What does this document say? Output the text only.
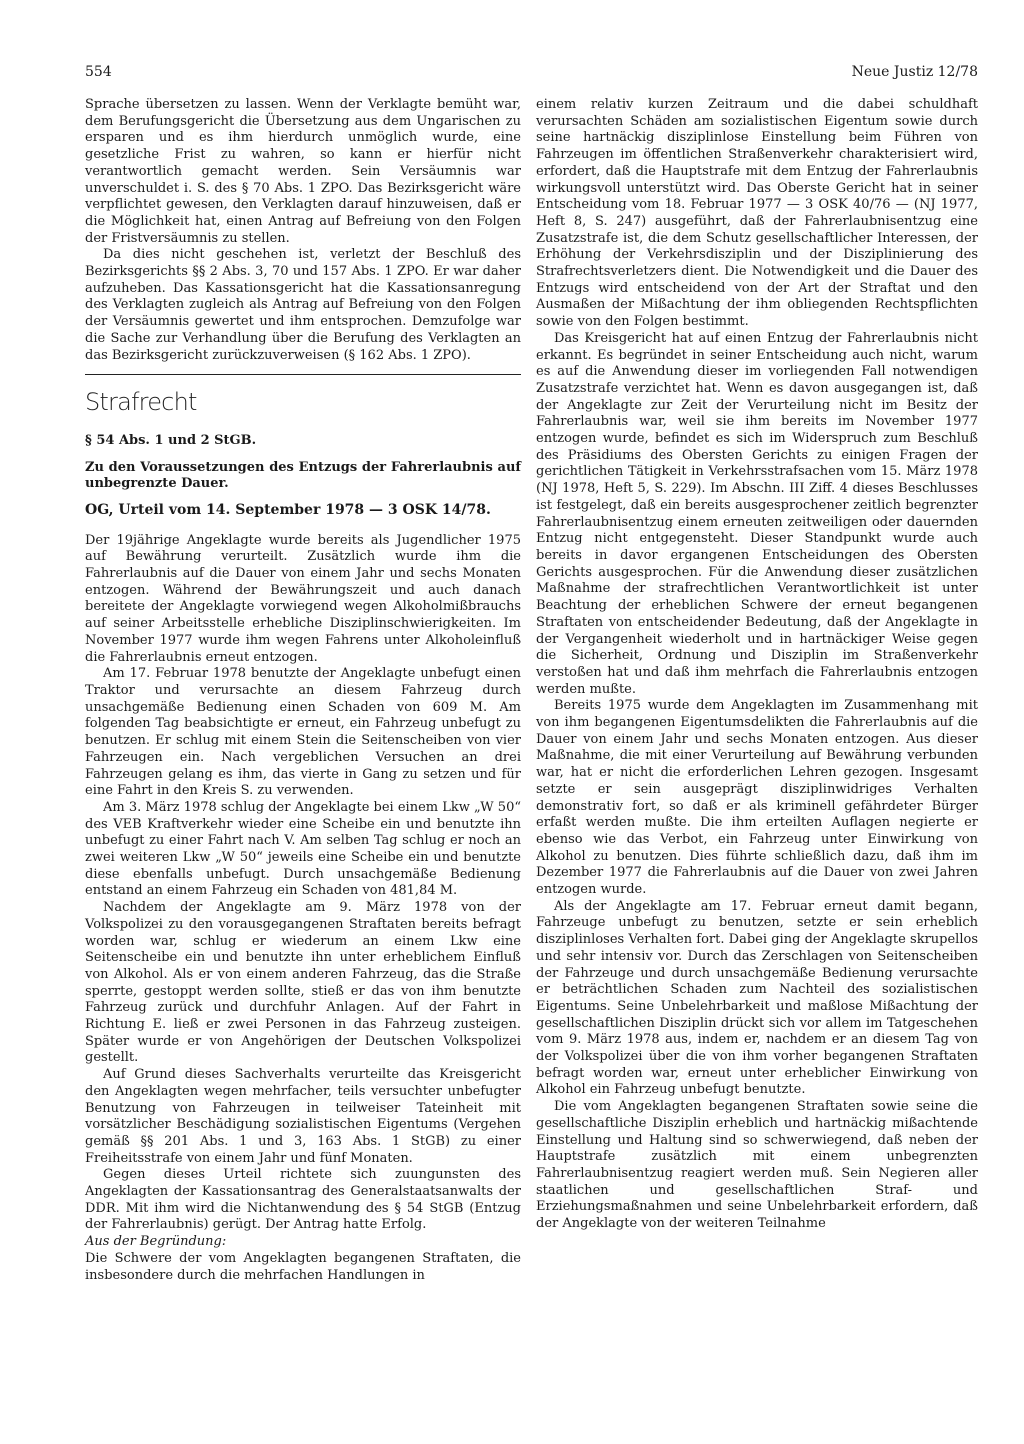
554	Neue Justiz 12/78

Sprache übersetzen zu lassen. Wenn der Verklagte bemüht war, dem Berufungsgericht die Übersetzung aus dem Ungarischen zu ersparen und es ihm hierdurch unmöglich wurde, eine gesetzliche Frist zu wahren, so kann er hierfür nicht verantwortlich gemacht werden. Sein Versäumnis war unverschuldet i. S. des § 70 Abs. 1 ZPO. Das Bezirksgericht wäre verpflichtet gewesen, den Verklagten darauf hinzuweisen, daß er die Möglichkeit hat, einen Antrag auf Befreiung von den Folgen der Fristversäumnis zu stellen.

Da dies nicht geschehen ist, verletzt der Beschluß des Bezirksgerichts §§ 2 Abs. 3, 70 und 157 Abs. 1 ZPO. Er war daher aufzuheben. Das Kassationsgericht hat die Kassationsanregung des Verklagten zugleich als Antrag auf Befreiung von den Folgen der Versäumnis gewertet und ihm entsprochen. Demzufolge war die Sache zur Verhandlung über die Berufung des Verklagten an das Bezirksgericht zurückzuverweisen (§ 162 Abs. 1 ZPO).

Strafrecht
§ 54 Abs. 1 und 2 StGB.
Zu den Voraussetzungen des Entzugs der Fahrerlaubnis auf unbegrenzte Dauer.
OG, Urteil vom 14. September 1978 — 3 OSK 14/78.

Der 19jährige Angeklagte wurde bereits als Jugendlicher 1975 auf Bewährung verurteilt. Zusätzlich wurde ihm die Fahrerlaubnis auf die Dauer von einem Jahr und sechs Monaten entzogen. Während der Bewährungszeit und auch danach bereitete der Angeklagte vorwiegend wegen Alkoholmißbrauchs auf seiner Arbeitsstelle erhebliche Disziplinschwierigkeiten. Im November 1977 wurde ihm wegen Fahrens unter Alkoholeinfluß die Fahrerlaubnis erneut entzogen.

Am 17. Februar 1978 benutzte der Angeklagte unbefugt einen Traktor und verursachte an diesem Fahrzeug durch unsachgemäße Bedienung einen Schaden von 609 M. Am folgenden Tag beabsichtigte er erneut, ein Fahrzeug unbefugt zu benutzen. Er schlug mit einem Stein die Seitenscheiben von vier Fahrzeugen ein. Nach vergeblichen Versuchen an drei Fahrzeugen gelang es ihm, das vierte in Gang zu setzen und für eine Fahrt in den Kreis S. zu verwenden.

Am 3. März 1978 schlug der Angeklagte bei einem Lkw „W 50“ des VEB Kraftverkehr wieder eine Scheibe ein und benutzte ihn unbefugt zu einer Fahrt nach V. Am selben Tag schlug er noch an zwei weiteren Lkw „W 50“ jeweils eine Scheibe ein und benutzte diese ebenfalls unbefugt. Durch unsachgemäße Bedienung entstand an einem Fahrzeug ein Schaden von 481,84 M.

Nachdem der Angeklagte am 9. März 1978 von der Volkspolizei zu den vorausgegangenen Straftaten bereits befragt worden war, schlug er wiederum an einem Lkw eine Seitenscheibe ein und benutzte ihn unter erheblichem Einfluß von Alkohol. Als er von einem anderen Fahrzeug, das die Straße sperrte, gestoppt werden sollte, stieß er das von ihm benutzte Fahrzeug zurück und durchfuhr Anlagen. Auf der Fahrt in Richtung E. ließ er zwei Personen in das Fahrzeug zusteigen. Später wurde er von Angehörigen der Deutschen Volkspolizei gestellt.

Auf Grund dieses Sachverhalts verurteilte das Kreisgericht den Angeklagten wegen mehrfacher, teils versuchter unbefugter Benutzung von Fahrzeugen in teilweiser Tateinheit mit vorsätzlicher Beschädigung sozialistischen Eigentums (Vergehen gemäß §§ 201 Abs. 1 und 3, 163 Abs. 1 StGB) zu einer Freiheitsstrafe von einem Jahr und fünf Monaten.

Gegen dieses Urteil richtete sich zuungunsten des Angeklagten der Kassationsantrag des Generalstaatsanwalts der DDR. Mit ihm wird die Nichtanwendung des § 54 StGB (Entzug der Fahrerlaubnis) gerügt. Der Antrag hatte Erfolg.

Aus der Begründung:

Die Schwere der vom Angeklagten begangenen Straftaten, die insbesondere durch die mehrfachen Handlungen in

einem relativ kurzen Zeitraum und die dabei schuldhaft verursachten Schäden am sozialistischen Eigentum sowie durch seine hartnäckig disziplinlose Einstellung beim Führen von Fahrzeugen im öffentlichen Straßenverkehr charakterisiert wird, erfordert, daß die Hauptstrafe mit dem Entzug der Fahrerlaubnis wirkungsvoll unterstützt wird. Das Oberste Gericht hat in seiner Entscheidung vom 18. Februar 1977 — 3 OSK 40/76 — (NJ 1977, Heft 8, S. 247) ausgeführt, daß der Fahrerlaubnisentzug eine Zusatzstrafe ist, die dem Schutz gesellschaftlicher Interessen, der Erhöhung der Verkehrsdisziplin und der Disziplinierung des Strafrechtsverletzers dient. Die Notwendigkeit und die Dauer des Entzugs wird entscheidend von der Art der Straftat und den Ausmaßen der Mißachtung der ihm obliegenden Rechtspflichten sowie von den Folgen bestimmt.

Das Kreisgericht hat auf einen Entzug der Fahrerlaubnis nicht erkannt. Es begründet in seiner Entscheidung auch nicht, warum es auf die Anwendung dieser im vorliegenden Fall notwendigen Zusatzstrafe verzichtet hat. Wenn es davon ausgegangen ist, daß der Angeklagte zur Zeit der Verurteilung nicht im Besitz der Fahrerlaubnis war, weil sie ihm bereits im November 1977 entzogen wurde, befindet es sich im Widerspruch zum Beschluß des Präsidiums des Obersten Gerichts zu einigen Fragen der gerichtlichen Tätigkeit in Verkehrsstrafsachen vom 15. März 1978 (NJ 1978, Heft 5, S. 229). Im Abschn. III Ziff. 4 dieses Beschlusses ist festgelegt, daß ein bereits ausgesprochener zeitlich begrenzter Fahrerlaubnisentzug einem erneuten zeitweiligen oder dauernden Entzug nicht entgegensteht. Dieser Standpunkt wurde auch bereits in davor ergangenen Entscheidungen des Obersten Gerichts ausgesprochen. Für die Anwendung dieser zusätzlichen Maßnahme der strafrechtlichen Verantwortlichkeit ist unter Beachtung der erheblichen Schwere der erneut begangenen Straftaten von entscheidender Bedeutung, daß der Angeklagte in der Vergangenheit wiederholt und in hartnäckiger Weise gegen die Sicherheit, Ordnung und Disziplin im Straßenverkehr verstoßen hat und daß ihm mehrfach die Fahrerlaubnis entzogen werden mußte.

Bereits 1975 wurde dem Angeklagten im Zusammenhang mit von ihm begangenen Eigentumsdelikten die Fahrerlaubnis auf die Dauer von einem Jahr und sechs Monaten entzogen. Aus dieser Maßnahme, die mit einer Verurteilung auf Bewährung verbunden war, hat er nicht die erforderlichen Lehren gezogen. Insgesamt setzte er sein ausgeprägt disziplinwidriges Verhalten demonstrativ fort, so daß er als kriminell gefährdeter Bürger erfaßt werden mußte. Die ihm erteilten Auflagen negierte er ebenso wie das Verbot, ein Fahrzeug unter Einwirkung von Alkohol zu benutzen. Dies führte schließlich dazu, daß ihm im Dezember 1977 die Fahrerlaubnis auf die Dauer von zwei Jahren entzogen wurde.

Als der Angeklagte am 17. Februar erneut damit begann, Fahrzeuge unbefugt zu benutzen, setzte er sein erheblich disziplinloses Verhalten fort. Dabei ging der Angeklagte skrupellos und sehr intensiv vor. Durch das Zerschlagen von Seitenscheiben der Fahrzeuge und durch unsachgemäße Bedienung verursachte er beträchtlichen Schaden zum Nachteil des sozialistischen Eigentums. Seine Unbelehrbarkeit und maßlose Mißachtung der gesellschaftlichen Disziplin drückt sich vor allem im Tatgeschehen vom 9. März 1978 aus, indem er, nachdem er an diesem Tag von der Volkspolizei über die von ihm vorher begangenen Straftaten befragt worden war, erneut unter erheblicher Einwirkung von Alkohol ein Fahrzeug unbefugt benutzte.

Die vom Angeklagten begangenen Straftaten sowie seine die gesellschaftliche Disziplin erheblich und hartnäckig mißachtende Einstellung und Haltung sind so schwerwiegend, daß neben der Hauptstrafe zusätzlich mit einem unbegrenzten Fahrerlaubnisentzug reagiert werden muß. Sein Negieren aller staatlichen und gesellschaftlichen Straf- und Erziehungsmaßnahmen und seine Unbelehrbarkeit erfordern, daß der Angeklagte von der weiteren Teilnahme
